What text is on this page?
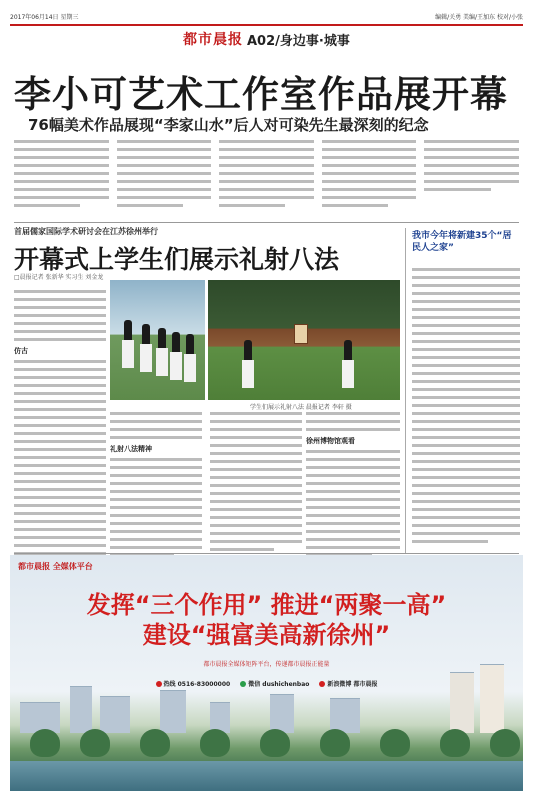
2017年06月14日 星期三	编辑/关勇 美编/王加东 校对/小张
都市晨报 A02/身边事·城事
李小可艺术工作室作品展开幕
76幅美术作品展现“李家山水”后人对可染先生最深刻的纪念
首届儒家国际学术研讨会在江苏徐州举行
开幕式上学生们展示礼射八法
□晨报记者 张新华 实习生 刘金龙
我市今年将新建35个“居民人之家”
仿古
学生们展示礼射八法 晨报记者 李轩 摄
礼射八法精神
徐州博物馆观看
都市晨报 全媒体平台
发挥“三个作用” 推进“两聚一高”
建设“强富美高新徐州”
都市晨报全媒体矩阵平台，传递都市晨报正能量
热线 0516-83000000	微信 dushichenbao	新浪微博 都市晨报
